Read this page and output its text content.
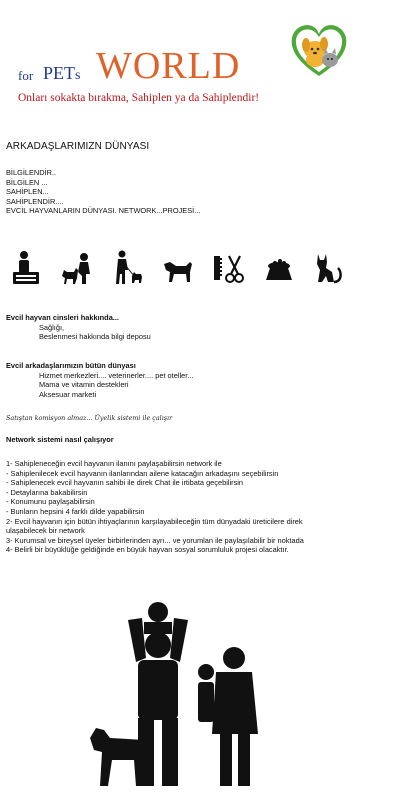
for PETs WORLD
Onları sokakta bırakma, Sahiplen ya da Sahiplendir!
ARKADAŞLARIMIZN DÜNYASI
BİLGİLENDİR..
BİLGİLEN ...
SAHİPLEN...
SAHİPLENDİR....
EVCİL HAYVANLARIN DÜNYASI. NETWORK...PROJESİ...
Evcil hayvan cinsleri hakkında...
Sağlığı,
Beslenmesi hakkında bilgi deposu
Evcil arkadaşlarımızın bütün dünyası
Hizmet merkezleri.... veterinerler.... pet oteller...
Mama ve vitamin destekleri
Aksesuar marketi
Satıştan komisyon almaz... Üyelik sistemi ile çalışır
Network sistemi nasıl çalışıyor
1- Sahipleneceğin evcil hayvanın ilanını paylaşabilirsin network ile
- Sahiplenilecek evcil hayvanın ilanlarından ailene katacağın arkadaşını seçebilirsin
- Sahiplenecek evcil hayvanın sahibi ile direk Chat ile irtibata geçebilirsin
- Detaylarına bakabilirsin
- Konumunu paylaşabilirsin
- Bunların hepsini 4 farklı dilde yapabilirsin
2- Evcil hayvanın için bütün ihtiyaçlarının karşılayabileceğin tüm dünyadaki üreticilere direk
ulaşabilecek bir network
3- Kurumsal ve bireysel üyeler birbirlerinden ayrı... ve yorumlan ile paylaşılabilir bir noktada
4- Belirli bir büyüklüğe geldiğinde en büyük hayvan sosyal sorumluluk projesi olacaktır.
